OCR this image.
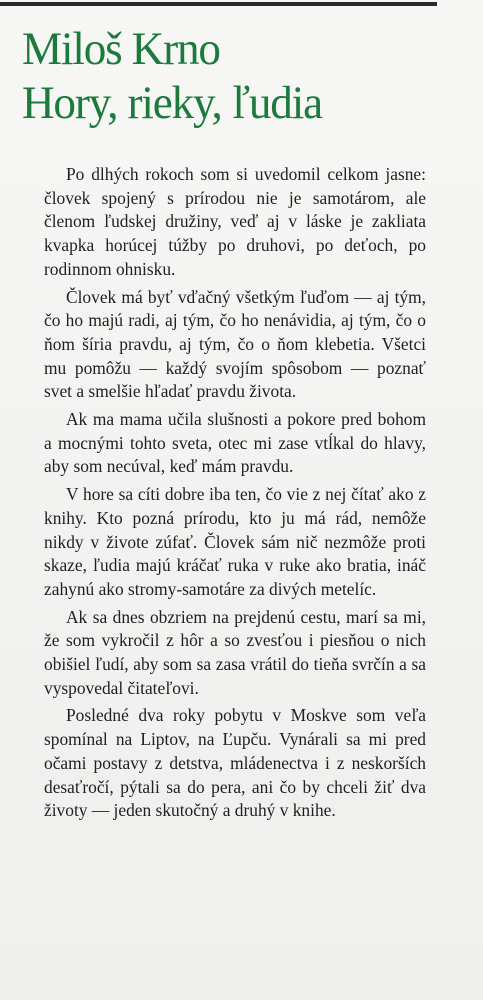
Miloš Krno
Hory, rieky, ľudia

Po dlhých rokoch som si uvedomil celkom jasne: človek spojený s prírodou nie je samotárom, ale členom ľudskej družiny, veď aj v láske je zakliata kvapka horúcej túžby po druhovi, po deťoch, po rodinnom ohnisku.

Človek má byť vďačný všetkým ľuďom — aj tým, čo ho majú radi, aj tým, čo ho nenávidia, aj tým, čo o ňom šíria pravdu, aj tým, čo o ňom klebetia. Všetci mu pomôžu — každý svojím spôsobom — poznať svet a smelšie hľadať pravdu života.

Ak ma mama učila slušnosti a pokore pred bohom a mocnými tohto sveta, otec mi zase vtĺkal do hlavy, aby som necúval, keď mám pravdu.

V hore sa cíti dobre iba ten, čo vie z nej čítať ako z knihy. Kto pozná prírodu, kto ju má rád, nemôže nikdy v živote zúfať. Človek sám nič nezmôže proti skaze, ľudia majú kráčať ruka v ruke ako bratia, ináč zahynú ako stromy-samotáre za divých metelíc.

Ak sa dnes obzriem na prejdenú cestu, marí sa mi, že som vykročil z hôr a so zvesťou i piesňou o nich obišiel ľudí, aby som sa zasa vrátil do tieňa svrčín a sa vyspovedal čitateľovi.

Posledné dva roky pobytu v Moskve som veľa spomínal na Liptov, na Ľupču. Vynárali sa mi pred očami postavy z detstva, mládenectva i z neskorších desaťročí, pýtali sa do pera, ani čo by chceli žiť dva životy — jeden skutočný a druhý v knihe.
